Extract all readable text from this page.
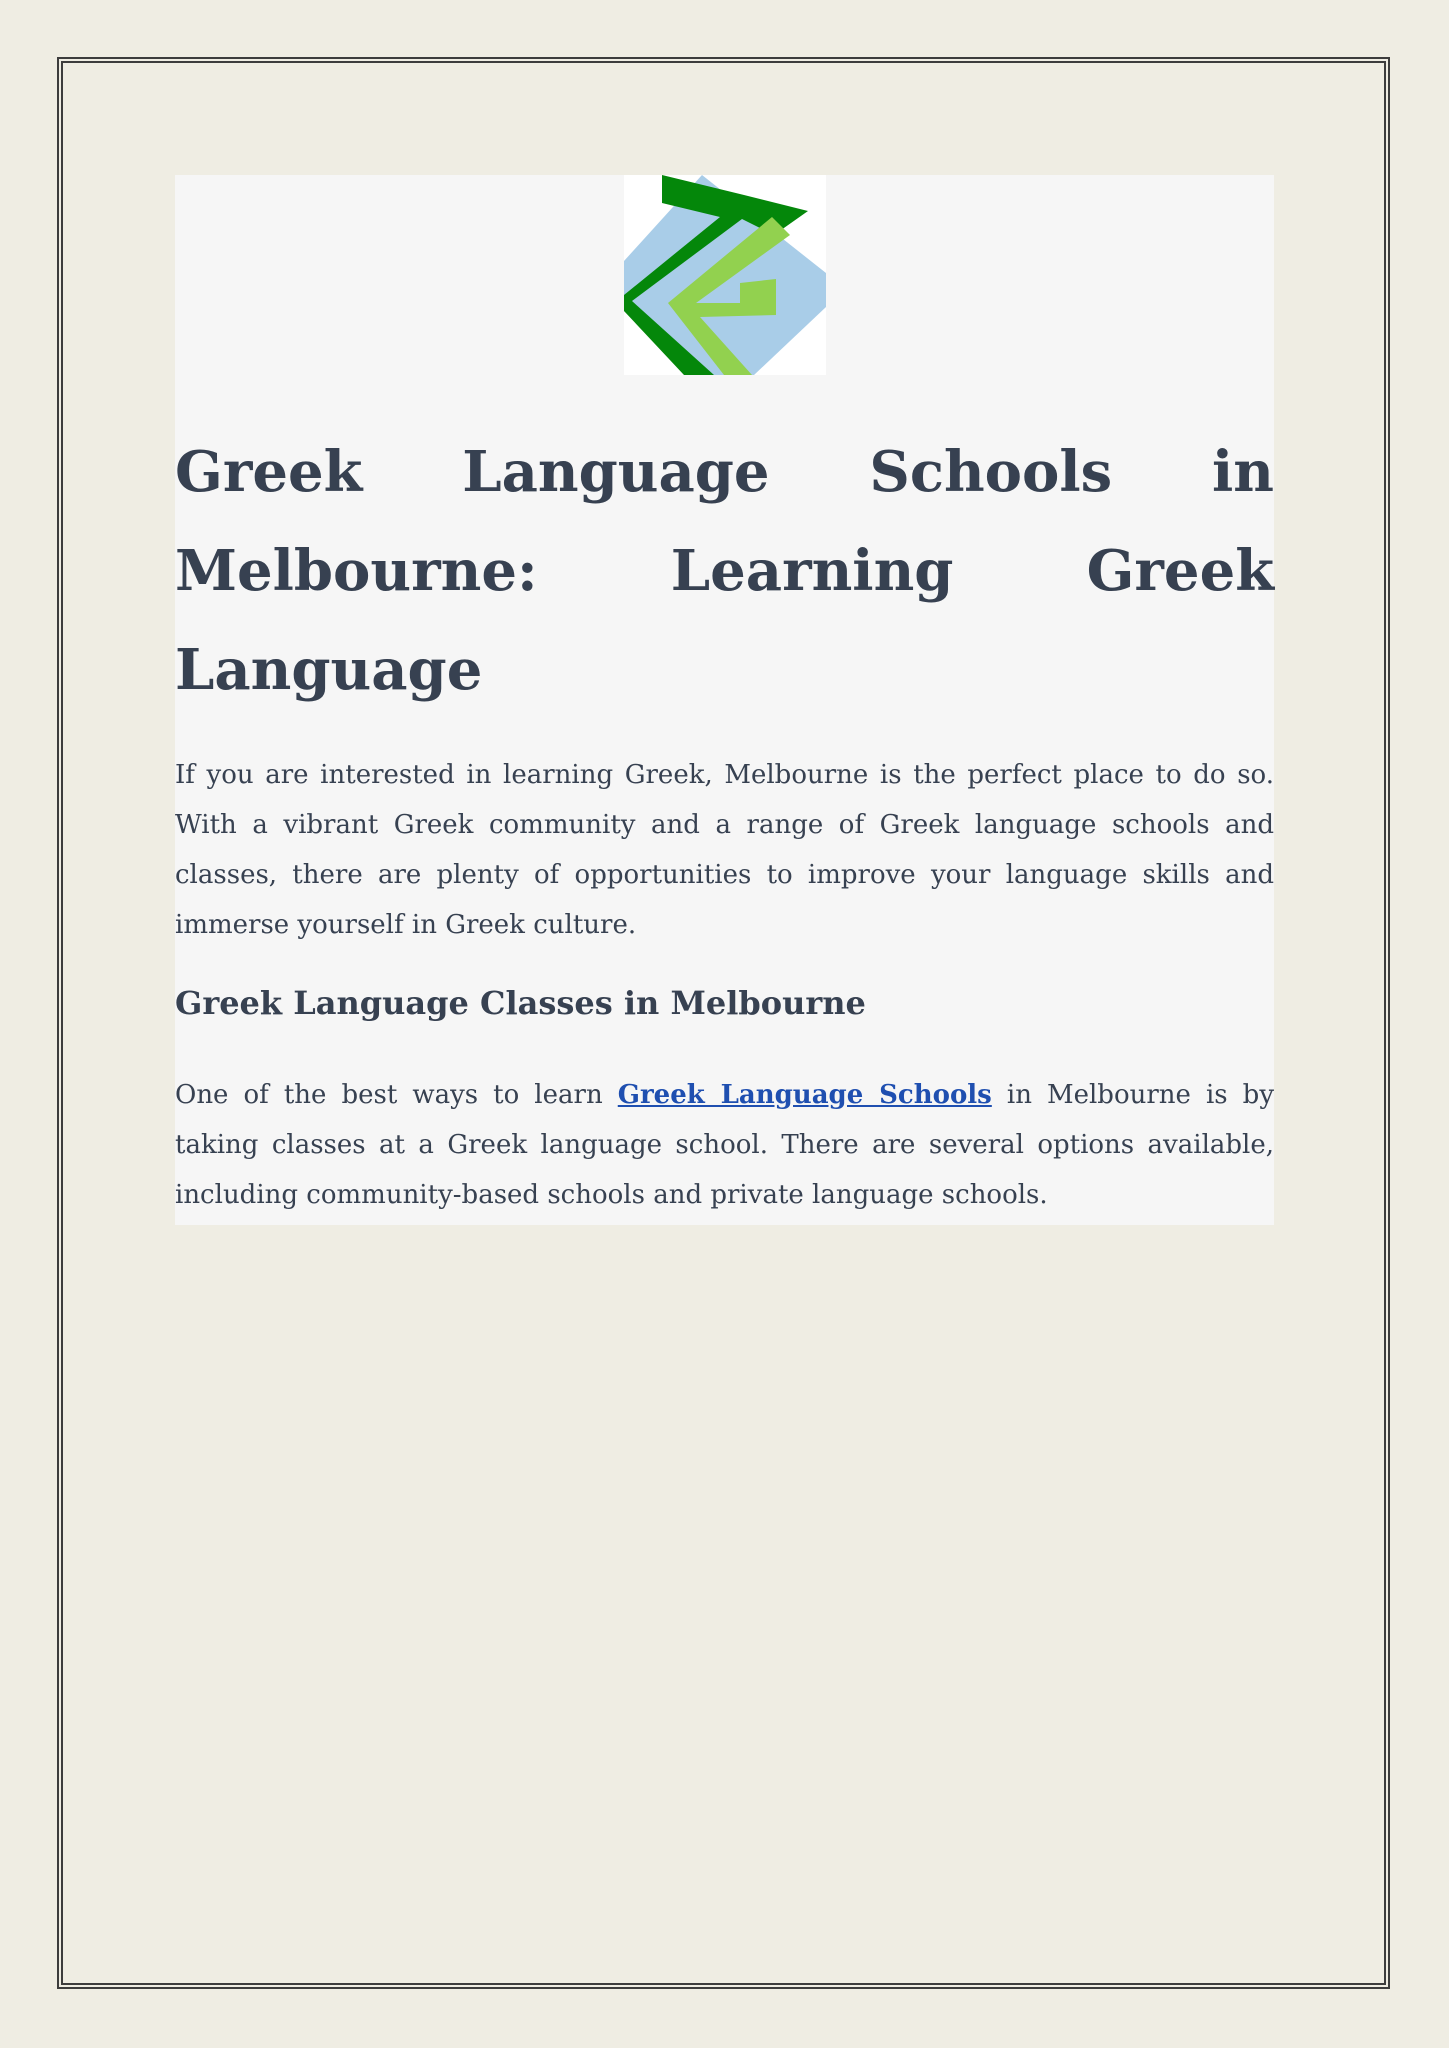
Greek Language Schools in Melbourne: Learning Greek Language

If you are interested in learning Greek, Melbourne is the perfect place to do so. With a vibrant Greek community and a range of Greek language schools and classes, there are plenty of opportunities to improve your language skills and immerse yourself in Greek culture.

Greek Language Classes in Melbourne

One of the best ways to learn Greek Language Schools in Melbourne is by taking classes at a Greek language school. There are several options available, including community-based schools and private language schools.
